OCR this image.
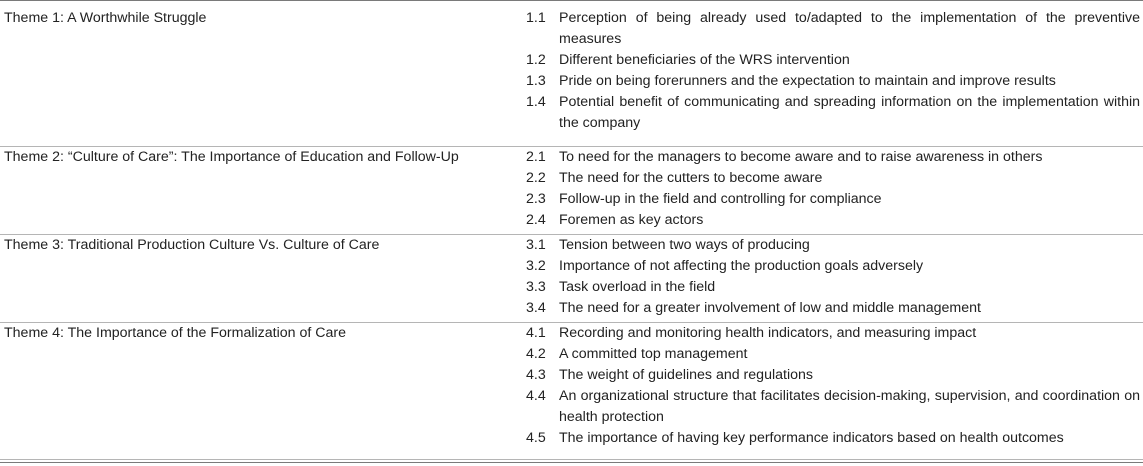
Theme 1: A Worthwhile Struggle	1.1 Perception of being already used to/adapted to the implementation of the preventive measures
1.2 Different beneficiaries of the WRS intervention
1.3 Pride on being forerunners and the expectation to maintain and improve results
1.4 Potential benefit of communicating and spreading information on the implementation within the company
Theme 2: “Culture of Care”: The Importance of Education and Follow-Up	2.1 To need for the managers to become aware and to raise awareness in others
2.2 The need for the cutters to become aware
2.3 Follow-up in the field and controlling for compliance
2.4 Foremen as key actors
Theme 3: Traditional Production Culture Vs. Culture of Care	3.1 Tension between two ways of producing
3.2 Importance of not affecting the production goals adversely
3.3 Task overload in the field
3.4 The need for a greater involvement of low and middle management
Theme 4: The Importance of the Formalization of Care	4.1 Recording and monitoring health indicators, and measuring impact
4.2 A committed top management
4.3 The weight of guidelines and regulations
4.4 An organizational structure that facilitates decision-making, supervision, and coordination on health protection
4.5 The importance of having key performance indicators based on health outcomes
